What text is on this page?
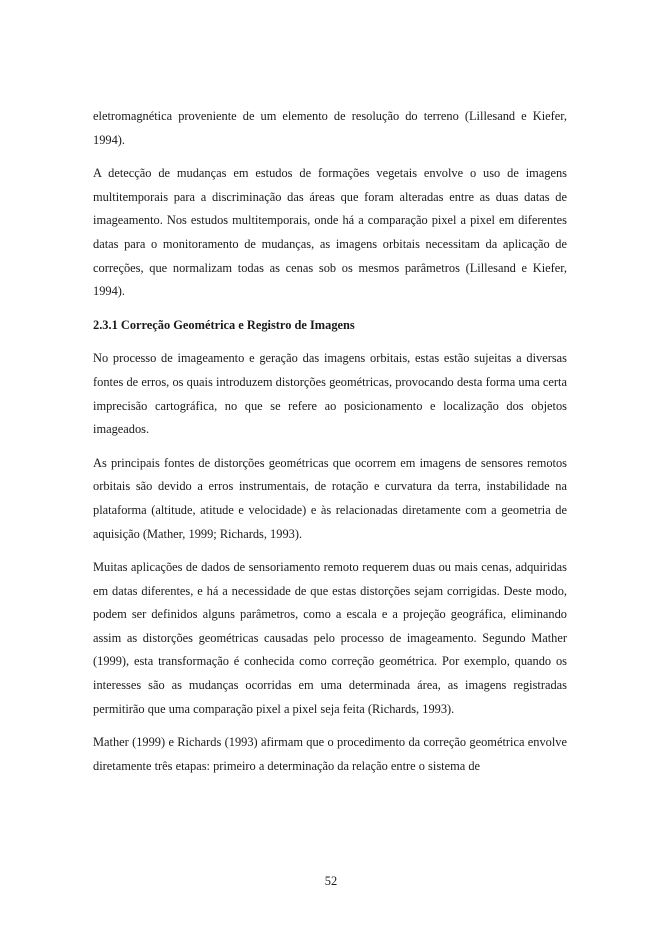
eletromagnética proveniente de um elemento de resolução do terreno (Lillesand e Kiefer, 1994).

A detecção de mudanças em estudos de formações vegetais envolve o uso de imagens multitemporais para a discriminação das áreas que foram alteradas entre as duas datas de imageamento. Nos estudos multitemporais, onde há a comparação pixel a pixel em diferentes datas para o monitoramento de mudanças, as imagens orbitais necessitam da aplicação de correções, que normalizam todas as cenas sob os mesmos parâmetros (Lillesand e Kiefer, 1994).

2.3.1 Correção Geométrica e Registro de Imagens

No processo de imageamento e geração das imagens orbitais, estas estão sujeitas a diversas fontes de erros, os quais introduzem distorções geométricas, provocando desta forma uma certa imprecisão cartográfica, no que se refere ao posicionamento e localização dos objetos imageados.

As principais fontes de distorções geométricas que ocorrem em imagens de sensores remotos orbitais são devido a erros instrumentais, de rotação e curvatura da terra, instabilidade na plataforma (altitude, atitude e velocidade) e às relacionadas diretamente com a geometria de aquisição (Mather, 1999; Richards, 1993).

Muitas aplicações de dados de sensoriamento remoto requerem duas ou mais cenas, adquiridas em datas diferentes, e há a necessidade de que estas distorções sejam corrigidas. Deste modo, podem ser definidos alguns parâmetros, como a escala e a projeção geográfica, eliminando assim as distorções geométricas causadas pelo processo de imageamento. Segundo Mather (1999), esta transformação é conhecida como correção geométrica. Por exemplo, quando os interesses são as mudanças ocorridas em uma determinada área, as imagens registradas permitirão que uma comparação pixel a pixel seja feita (Richards, 1993).

Mather (1999) e Richards (1993) afirmam que o procedimento da correção geométrica envolve diretamente três etapas: primeiro a determinação da relação entre o sistema de

52
